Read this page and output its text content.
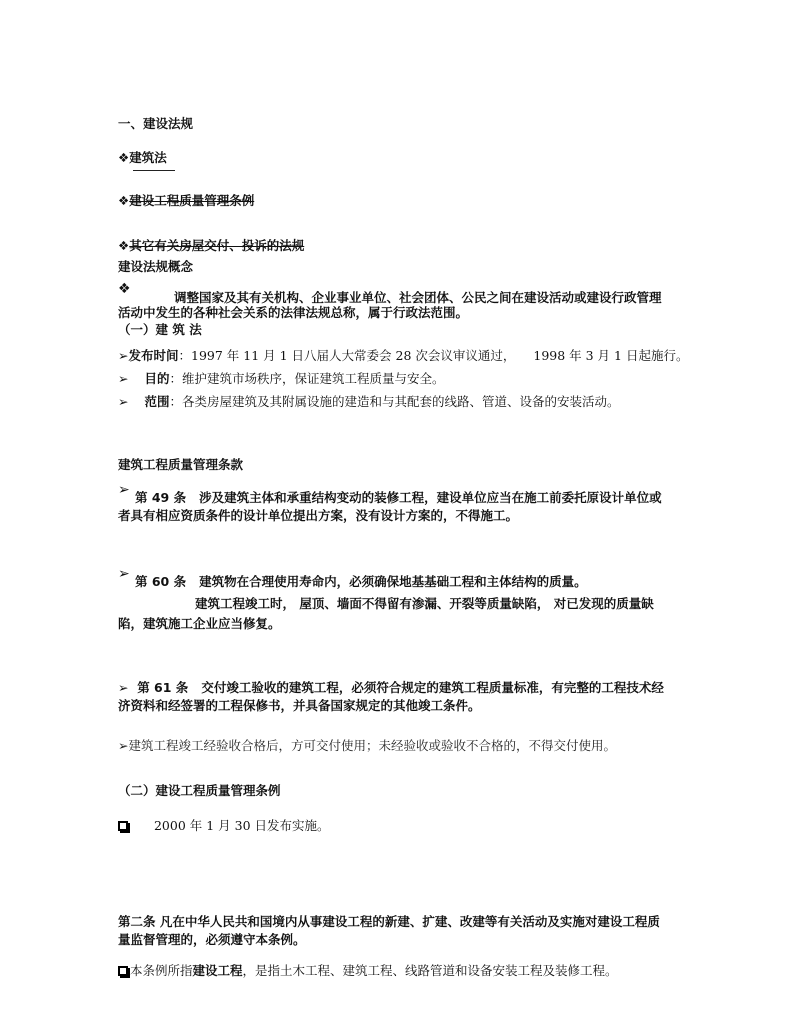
一、建设法规
❖建筑法
❖建设工程质量管理条例
❖其它有关房屋交付、投诉的法规
建设法规概念
❖
调整国家及其有关机构、企业事业单位、社会团体、公民之间在建设活动或建设行政管理活动中发生的各种社会关系的法律法规总称，属于行政法范围。
（一）建 筑 法
➢发布时间：1997 年 11 月 1 日八届人大常委会 28 次会议审议通过， 1998 年 3 月 1 日起施行。
➢ 目的：维护建筑市场秩序，保证建筑工程质量与安全。
➢ 范围：各类房屋建筑及其附属设施的建造和与其配套的线路、管道、设备的安装活动。
建筑工程质量管理条款
➢ 第 49 条 涉及建筑主体和承重结构变动的装修工程，建设单位应当在施工前委托原设计单位或者具有相应资质条件的设计单位提出方案，没有设计方案的，不得施工。
➢ 第 60 条 建筑物在合理使用寿命内，必须确保地基基础工程和主体结构的质量。
建筑工程竣工时， 屋顶、墙面不得留有渗漏、开裂等质量缺陷， 对已发现的质量缺陷，建筑施工企业应当修复。
➢ 第 61 条 交付竣工验收的建筑工程，必须符合规定的建筑工程质量标准，有完整的工程技术经济资料和经签署的工程保修书，并具备国家规定的其他竣工条件。
➢建筑工程竣工经验收合格后，方可交付使用；未经验收或验收不合格的，不得交付使用。
（二）建设工程质量管理条例
2000 年 1 月 30 日发布实施。
第二条 凡在中华人民共和国境内从事建设工程的新建、扩建、改建等有关活动及实施对建设工程质量监督管理的，必须遵守本条例。
本条例所指建设工程，是指土木工程、建筑工程、线路管道和设备安装工程及装修工程。
